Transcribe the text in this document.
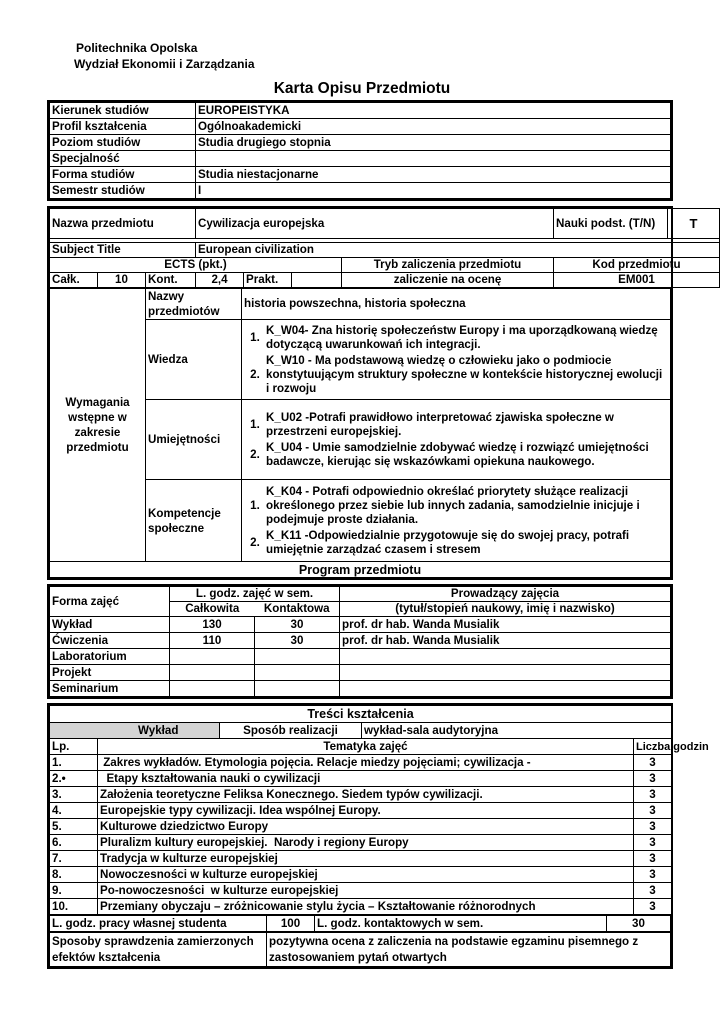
Politechnika Opolska
Wydział Ekonomii i Zarządzania
Karta Opisu Przedmiotu
Kierunek studiów	EUROPEISTYKA
Profil kształcenia	Ogólnoakademicki
Poziom studiów	Studia drugiego stopnia
Specjalność	
Forma studiów	Studia niestacjonarne
Semestr studiów	I
Nazwa przedmiotu			Cywilizacja europejska				Nauki podst. (T/N)	T

Subject Title			European civilization					
ECTS (pkt.)						Tryb zaliczenia przedmiotu	Kod przedmiotu	
Całk.	10	Kont.	2,4	Prakt.		zaliczenie na ocenę	EM001	
Wymagania wstępne w zakresie przedmiotu	Nazwy przedmiotów	historia powszechna, historia społeczna
	Wiedza	1.
K_W04- Zna historię społeczeństw Europy i ma uporządkowaną wiedzę dotyczącą uwarunkowań ich integracji.
2.
K_W10 - Ma podstawową wiedzę o człowieku jako o podmiocie konstytuującym struktury społeczne w kontekście historycznej ewolucji i rozwoju

	Umiejętności	1.
K_U02 -Potrafi prawidłowo interpretować zjawiska społeczne w przestrzeni europejskiej.
2.
K_U04 - Umie samodzielnie zdobywać wiedzę i rozwiązć umiejętności badawcze, kierując się wskazówkami opiekuna naukowego.

	Kompetencje społeczne	1.
K_K04 - Potrafi odpowiednio określać priorytety służące realizacji określonego przez siebie lub innych zadania, samodzielnie inicjuje i podejmuje proste działania.
2.
K_K11 -Odpowiedzialnie przygotowuje się do swojej pracy, potrafi umiejętnie zarządzać czasem i stresem

Program przedmiotu		
Forma zajęć	L. godz. zajęć w sem.		Prowadzący zajęcia
	Całkowita	Kontaktowa	(tytuł/stopień naukowy, imię i nazwisko)
Wykład	130	30	prof. dr hab. Wanda Musialik
Ćwiczenia	110	30	prof. dr hab. Wanda Musialik
Laboratorium			
Projekt			
Seminarium			
Treści kształcenia				
	Wykład	Sposób realizacji	wykład-sala audytoryjna	
Lp.	Tematyka zajęć			Liczba godzin
1.	Zakres wykładów. Etymologia pojęcia. Relacje miedzy pojęciami; cywilizacja -			3
2.•	Etapy kształtowania nauki o cywilizacji			3
3.	Założenia teoretyczne Feliksa Konecznego. Siedem typów cywilizacji.			3
4.	Europejskie typy cywilizacji. Idea wspólnej Europy.			3
5.	Kulturowe dziedzictwo Europy			3
6.	Pluralizm kultury europejskiej.  Narody i regiony Europy			3
7.	Tradycja w kulturze europejskiej			3
8.	Nowoczesności w kulturze europejskiej			3
9.	Po-nowoczesności  w kulturze europejskiej			3
10.	Przemiany obyczaju – zróżnicowanie stylu życia – Kształtowanie różnorodnych			3
L. godz. pracy własnej studenta	100	L. godz. kontaktowych w sem.	30
Sposoby sprawdzenia zamierzonych efektów kształcenia	pozytywna ocena z zaliczenia na podstawie egzaminu pisemnego z zastosowaniem pytań otwartych
